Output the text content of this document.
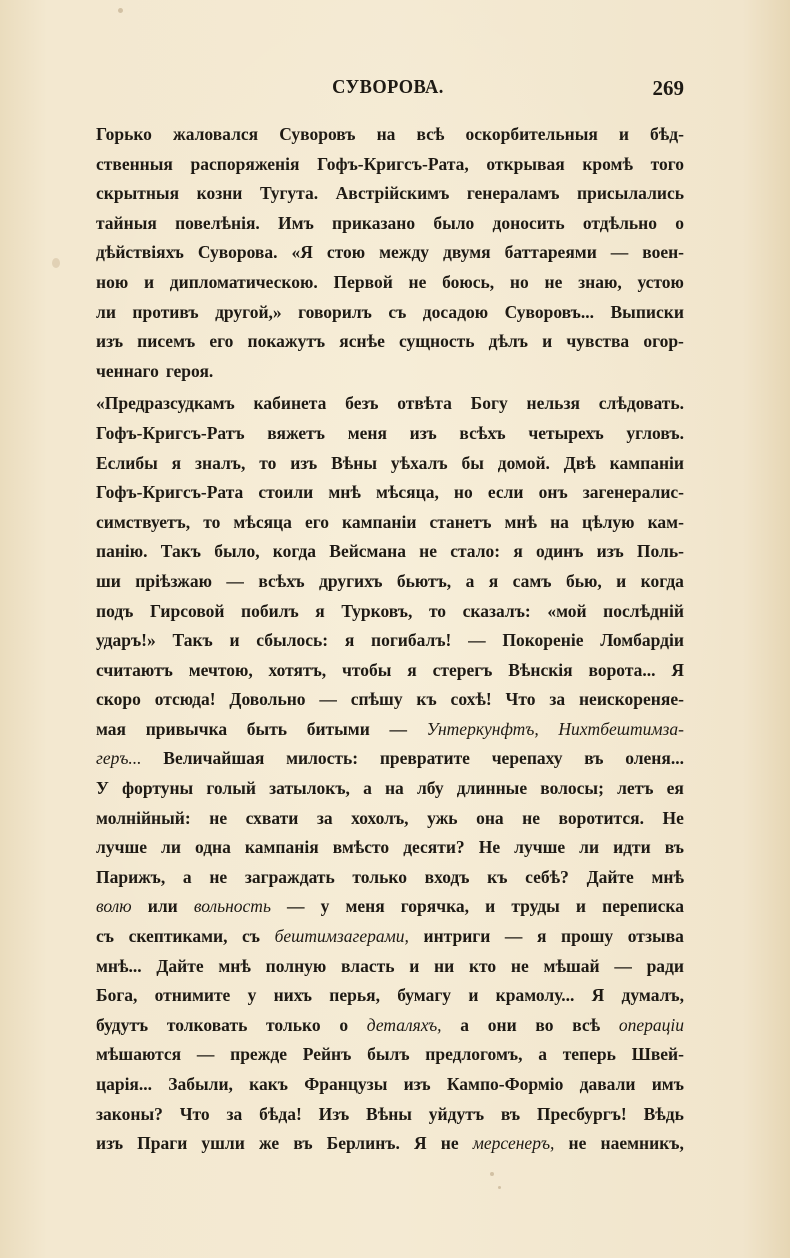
СУВОРОВА.	269
Горько жаловался Суворовъ на всѣ оскорбительныя и бѣд-
ственныя распоряженія Гофъ-Кригсъ-Рата, открывая кромѣ того
скрытныя козни Тугута. Австрійскимъ генераламъ присылались
тайныя повелѣнія. Имъ приказано было доносить отдѣльно о
дѣйствіяхъ Суворова. «Я стою между двумя баттареями — воен-
ною и дипломатическою. Первой не боюсь, но не знаю, устою
ли противъ другой,» говорилъ съ досадою Суворовъ... Выписки
изъ писемъ его покажутъ яснѣе сущность дѣлъ и чувства огор-
ченнаго героя.
«Предразсудкамъ кабинета безъ отвѣта Богу нельзя слѣдовать.
Гофъ-Кригсъ-Ратъ вяжетъ меня изъ всѣхъ четырехъ угловъ.
Еслибы я зналъ, то изъ Вѣны уѣхалъ бы домой. Двѣ кампаніи
Гофъ-Кригсъ-Рата стоили мнѣ мѣсяца, но если онъ загенералис-
симствуетъ, то мѣсяца его кампаніи станетъ мнѣ на цѣлую кам-
панію. Такъ было, когда Вейсмана не стало: я одинъ изъ Поль-
ши пріѣзжаю — всѣхъ другихъ бьютъ, а я самъ бью, и когда
подъ Гирсовой побилъ я Турковъ, то сказалъ: «мой послѣдній
ударъ!» Такъ и сбылось: я погибалъ! — Покореніе Ломбардіи
считаютъ мечтою, хотятъ, чтобы я стерегъ Вѣнскія ворота... Я
скоро отсюда! Довольно — спѣшу къ сохѣ! Что за неискореняе-
мая привычка быть битыми — Унтеркунфтъ, Нихтбештимза-
геръ... Величайшая милость: превратите черепаху въ оленя...
У фортуны голый затылокъ, а на лбу длинные волосы; летъ ея
молнійный: не схвати за хохолъ, ужь она не воротится. Не
лучше ли одна кампанія вмѣсто десяти? Не лучше ли идти въ
Парижъ, а не заграждать только входъ къ себѣ? Дайте мнѣ
волю или вольность — у меня горячка, и труды и переписка
съ скептиками, съ бештимзагерами, интриги — я прошу отзыва
мнѣ... Дайте мнѣ полную власть и ни кто не мѣшай — ради
Бога, отнимите у нихъ перья, бумагу и крамолу... Я думалъ,
будутъ толковать только о деталяхъ, а они во всѣ операціи
мѣшаются — прежде Рейнъ былъ предлогомъ, а теперь Швей-
царія... Забыли, какъ Французы изъ Кампо-Форміо давали имъ
законы? Что за бѣда! Изъ Вѣны уйдутъ въ Пресбургъ! Вѣдь
изъ Праги ушли же въ Берлинъ. Я не мерсенеръ, не наемникъ,
